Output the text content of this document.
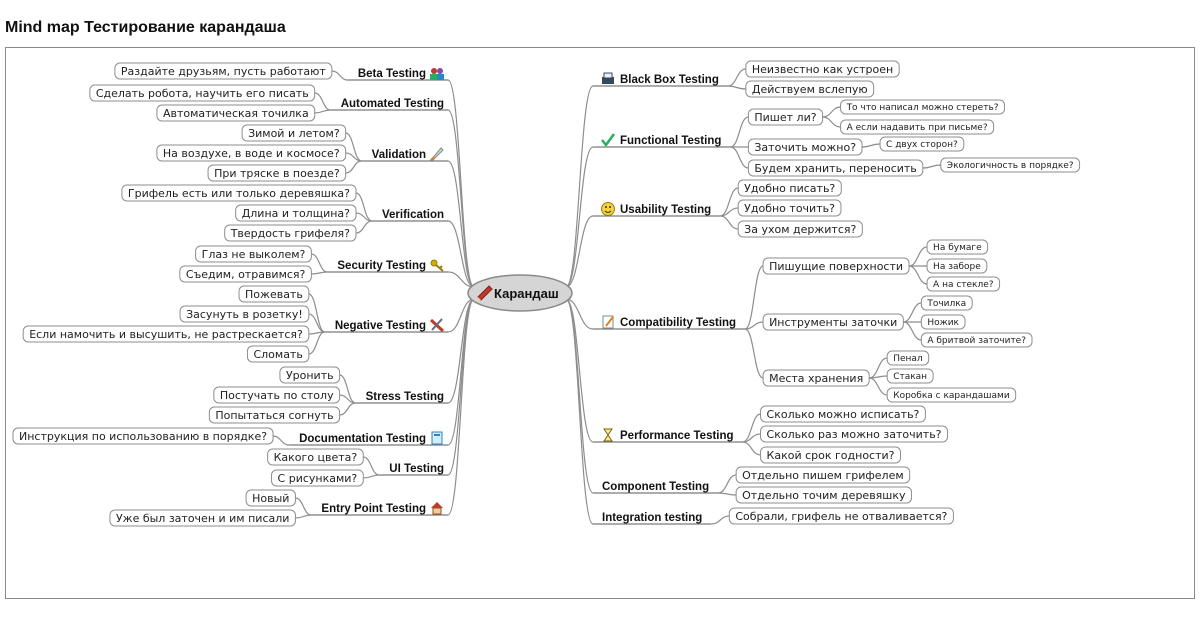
Mind map Тестирование карандаша
Карандаш
Beta Testing
Раздайте друзьям, пусть работают
Automated Testing
Сделать робота, научить его писать
Автоматическая точилка
Validation
Зимой и летом?
На воздухе, в воде и космосе?
При тряске в поезде?
Verification
Грифель есть или только деревяшка?
Длина и толщина?
Твердость грифеля?
Security Testing
Глаз не выколем?
Съедим, отравимся?
Negative Testing
Пожевать
Засунуть в розетку!
Если намочить и высушить, не растрескается?
Сломать
Stress Testing
Уронить
Постучать по столу
Попытаться согнуть
Documentation Testing
Инструкция по использованию в порядке?
UI Testing
Какого цвета?
С рисунками?
Entry Point Testing
Новый
Уже был заточен и им писали
Black Box Testing
Неизвестно как устроен
Действуем вслепую
Functional Testing
Пишет ли?
То что написал можно стереть?
А если надавить при письме?
Заточить можно?	С двух сторон?
Будем хранить, переносить	Экологичность в порядке?
Usability Testing
Удобно писать?
Удобно точить?
За ухом держится?
Compatibility Testing
Пишущие поверхности
На бумаге
На заборе
А на стекле?
Инструменты заточки
Точилка
Ножик
А бритвой заточите?
Места хранения
Пенал
Стакан
Коробка с карандашами
Performance Testing
Сколько можно исписать?
Сколько раз можно заточить?
Какой срок годности?
Component Testing
Отдельно пишем грифелем
Отдельно точим деревяшку
Integration testing	Собрали, грифель не отваливается?
